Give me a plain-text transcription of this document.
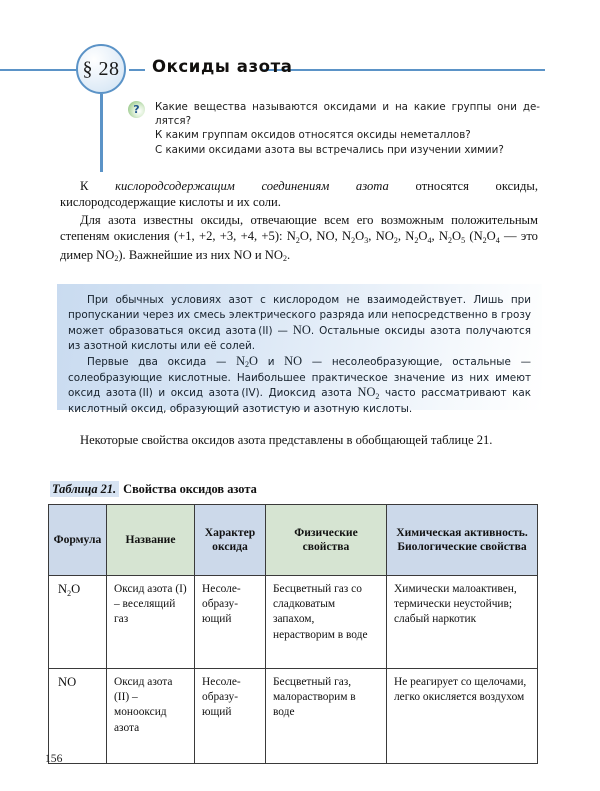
§ 28 Оксиды азота
? Какие вещества называются оксидами и на какие группы они делятся?
К каким группам оксидов относятся оксиды неметаллов?
С какими оксидами азота вы встречались при изучении химии?

К кислородсодержащим соединениям азота относятся оксиды, кислородсодержащие кислоты и их соли.

Для азота известны оксиды, отвечающие всем его возможным положительным степеням окисления (+1, +2, +3, +4, +5): $N_2O$, NO, $N_2O_3$, $NO_2$, $N_2O_4$, $N_2O_5$ ($N_2O_4$ — это димер $NO_2$). Важнейшие из них NO и $NO_2$.

При обычных условиях азот с кислородом не взаимодействует. Лишь при пропускании через их смесь электрического разряда или непосредственно в грозу может образоваться оксид азота (II) — NO. Остальные оксиды азота получаются из азотной кислоты или её солей.

Первые два оксида — $N_2O$ и NO — несолеобразующие, остальные — солеобразующие кислотные. Наибольшее практическое значение из них имеют оксид азота (II) и оксид азота (IV). Диоксид азота $NO_2$ часто рассматривают как кислотный оксид, образующий азотистую и азотную кислоты.

Некоторые свойства оксидов азота представлены в обобщающей таблице 21.

Таблица 21. Свойства оксидов азота
Формула	Название	Характер оксида	Физические свойства	Химическая активность. Биологические свойства
$N_2O$	Оксид азота (I) – веселящий газ	Несолеобразующий	Бесцветный газ со сладковатым запахом, нерастворим в воде	Химически малоактивен, термически неустойчив; слабый наркотик
NO	Оксид азота (II) – монооксид азота	Несолеобразующий	Бесцветный газ, малорастворим в воде	Не реагирует со щелочами, легко окисляется воздухом
156
